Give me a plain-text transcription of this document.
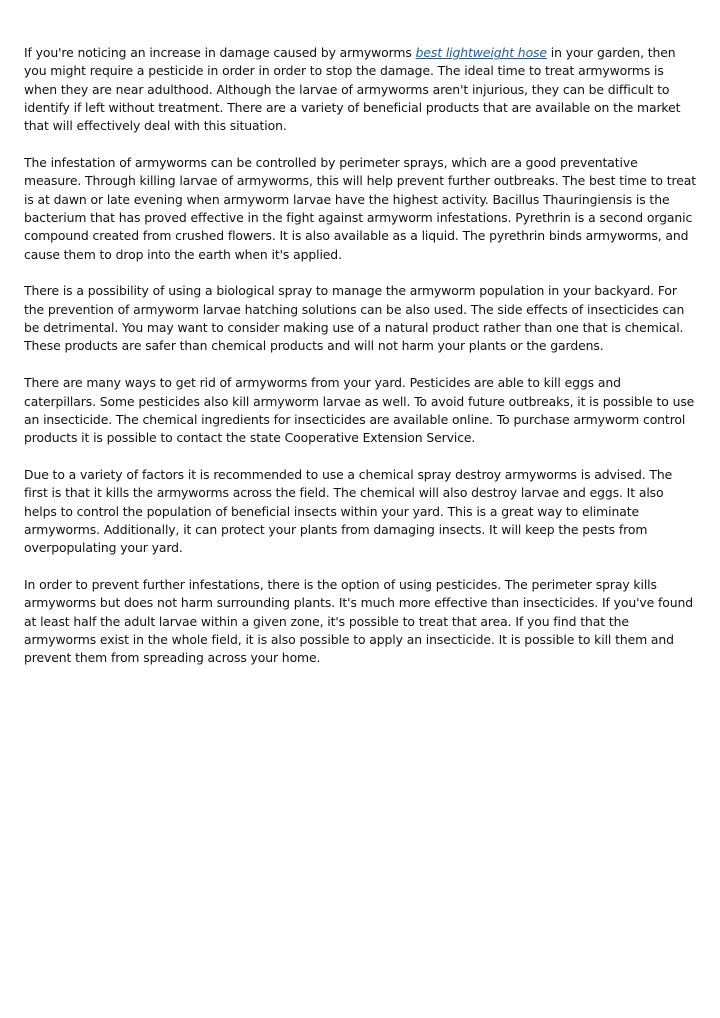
If you're noticing an increase in damage caused by armyworms best lightweight hose in your garden, then you might require a pesticide in order in order to stop the damage. The ideal time to treat armyworms is when they are near adulthood. Although the larvae of armyworms aren't injurious, they can be difficult to identify if left without treatment. There are a variety of beneficial products that are available on the market that will effectively deal with this situation.

The infestation of armyworms can be controlled by perimeter sprays, which are a good preventative measure. Through killing larvae of armyworms, this will help prevent further outbreaks. The best time to treat is at dawn or late evening when armyworm larvae have the highest activity. Bacillus Thauringiensis is the bacterium that has proved effective in the fight against armyworm infestations. Pyrethrin is a second organic compound created from crushed flowers. It is also available as a liquid. The pyrethrin binds armyworms, and cause them to drop into the earth when it's applied.

There is a possibility of using a biological spray to manage the armyworm population in your backyard. For the prevention of armyworm larvae hatching solutions can be also used. The side effects of insecticides can be detrimental. You may want to consider making use of a natural product rather than one that is chemical. These products are safer than chemical products and will not harm your plants or the gardens.

There are many ways to get rid of armyworms from your yard. Pesticides are able to kill eggs and caterpillars. Some pesticides also kill armyworm larvae as well. To avoid future outbreaks, it is possible to use an insecticide. The chemical ingredients for insecticides are available online. To purchase armyworm control products it is possible to contact the state Cooperative Extension Service.

Due to a variety of factors it is recommended to use a chemical spray destroy armyworms is advised. The first is that it kills the armyworms across the field. The chemical will also destroy larvae and eggs. It also helps to control the population of beneficial insects within your yard. This is a great way to eliminate armyworms. Additionally, it can protect your plants from damaging insects. It will keep the pests from overpopulating your yard.

In order to prevent further infestations, there is the option of using pesticides. The perimeter spray kills armyworms but does not harm surrounding plants. It's much more effective than insecticides. If you've found at least half the adult larvae within a given zone, it's possible to treat that area. If you find that the armyworms exist in the whole field, it is also possible to apply an insecticide. It is possible to kill them and prevent them from spreading across your home.
